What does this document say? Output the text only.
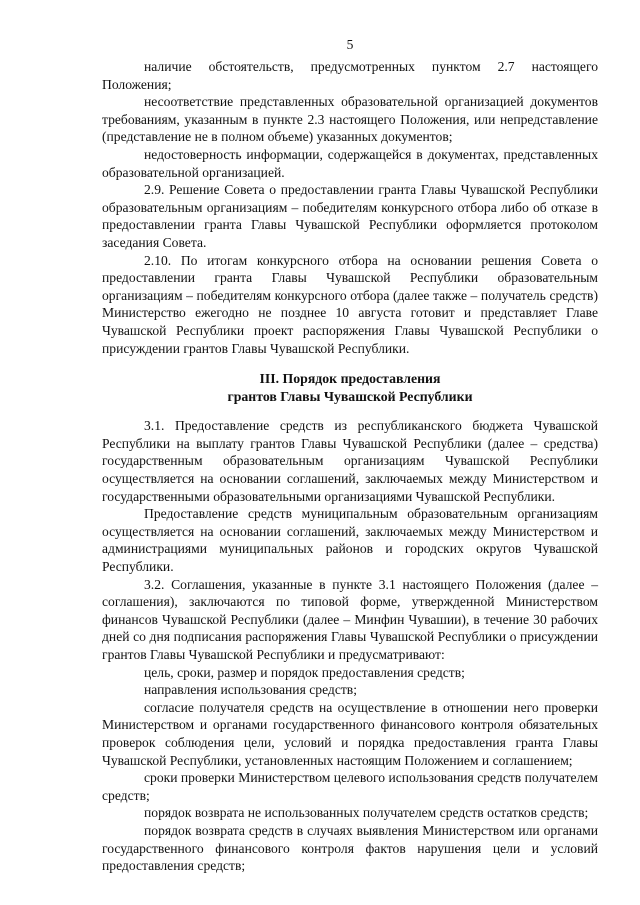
5

наличие обстоятельств, предусмотренных пунктом 2.7 настоящего Положения;

несоответствие представленных образовательной организацией документов требованиям, указанным в пункте 2.3 настоящего Положения, или непредставление (представление не в полном объеме) указанных документов;

недостоверность информации, содержащейся в документах, представленных образовательной организацией.

2.9. Решение Совета о предоставлении гранта Главы Чувашской Республики образовательным организациям – победителям конкурсного отбора либо об отказе в предоставлении гранта Главы Чувашской Республики оформляется протоколом заседания Совета.

2.10. По итогам конкурсного отбора на основании решения Совета о предоставлении гранта Главы Чувашской Республики образовательным организациям – победителям конкурсного отбора (далее также – получатель средств) Министерство ежегодно не позднее 10 августа готовит и представляет Главе Чувашской Республики проект распоряжения Главы Чувашской Республики о присуждении грантов Главы Чувашской Республики.

III. Порядок предоставления
грантов Главы Чувашской Республики

3.1. Предоставление средств из республиканского бюджета Чувашской Республики на выплату грантов Главы Чувашской Республики (далее – средства) государственным образовательным организациям Чувашской Республики осуществляется на основании соглашений, заключаемых между Министерством и государственными образовательными организациями Чувашской Республики.

Предоставление средств муниципальным образовательным организациям осуществляется на основании соглашений, заключаемых между Министерством и администрациями муниципальных районов и городских округов Чувашской Республики.

3.2. Соглашения, указанные в пункте 3.1 настоящего Положения (далее – соглашения), заключаются по типовой форме, утвержденной Министерством финансов Чувашской Республики (далее – Минфин Чувашии), в течение 30 рабочих дней со дня подписания распоряжения Главы Чувашской Республики о присуждении грантов Главы Чувашской Республики и предусматривают:

цель, сроки, размер и порядок предоставления средств;

направления использования средств;

согласие получателя средств на осуществление в отношении него проверки Министерством и органами государственного финансового контроля обязательных проверок соблюдения цели, условий и порядка предоставления гранта Главы Чувашской Республики, установленных настоящим Положением и соглашением;

сроки проверки Министерством целевого использования средств получателем средств;

порядок возврата не использованных получателем средств остатков средств;

порядок возврата средств в случаях выявления Министерством или органами государственного финансового контроля фактов нарушения цели и условий предоставления средств;
